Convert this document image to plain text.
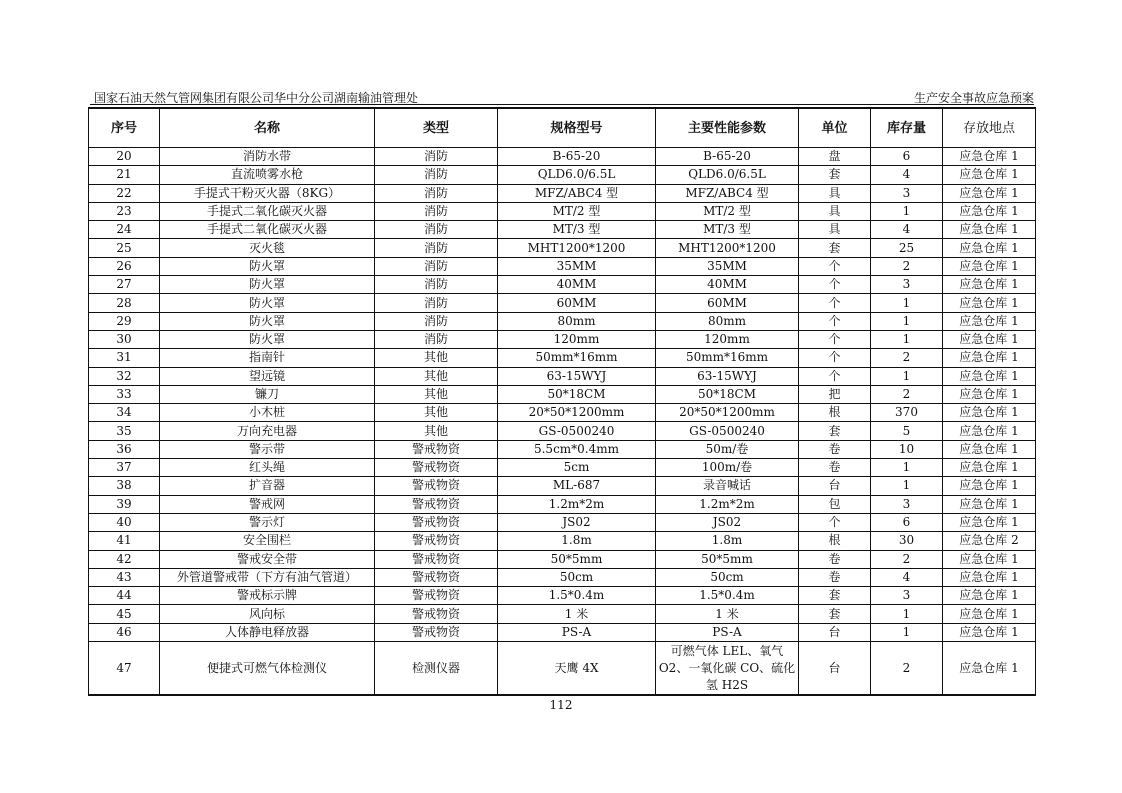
国家石油天然气管网集团有限公司华中分公司湖南输油管理处	生产安全事故应急预案
序号	名称	类型	规格型号	主要性能参数	单位	库存量	存放地点
20	消防水带	消防	B-65-20	B-65-20	盘	6	应急仓库 1
21	直流喷雾水枪	消防	QLD6.0/6.5L	QLD6.0/6.5L	套	4	应急仓库 1
22	手提式干粉灭火器（8KG）	消防	MFZ/ABC4 型	MFZ/ABC4 型	具	3	应急仓库 1
23	手提式二氧化碳灭火器	消防	MT/2 型	MT/2 型	具	1	应急仓库 1
24	手提式二氧化碳灭火器	消防	MT/3 型	MT/3 型	具	4	应急仓库 1
25	灭火毯	消防	MHT1200*1200	MHT1200*1200	套	25	应急仓库 1
26	防火罩	消防	35MM	35MM	个	2	应急仓库 1
27	防火罩	消防	40MM	40MM	个	3	应急仓库 1
28	防火罩	消防	60MM	60MM	个	1	应急仓库 1
29	防火罩	消防	80mm	80mm	个	1	应急仓库 1
30	防火罩	消防	120mm	120mm	个	1	应急仓库 1
31	指南针	其他	50mm*16mm	50mm*16mm	个	2	应急仓库 1
32	望远镜	其他	63-15WYJ	63-15WYJ	个	1	应急仓库 1
33	镰刀	其他	50*18CM	50*18CM	把	2	应急仓库 1
34	小木桩	其他	20*50*1200mm	20*50*1200mm	根	370	应急仓库 1
35	万向充电器	其他	GS-0500240	GS-0500240	套	5	应急仓库 1
36	警示带	警戒物资	5.5cm*0.4mm	50m/卷	卷	10	应急仓库 1
37	红头绳	警戒物资	5cm	100m/卷	卷	1	应急仓库 1
38	扩音器	警戒物资	ML-687	录音喊话	台	1	应急仓库 1
39	警戒网	警戒物资	1.2m*2m	1.2m*2m	包	3	应急仓库 1
40	警示灯	警戒物资	JS02	JS02	个	6	应急仓库 1
41	安全围栏	警戒物资	1.8m	1.8m	根	30	应急仓库 2
42	警戒安全带	警戒物资	50*5mm	50*5mm	卷	2	应急仓库 1
43	外管道警戒带（下方有油气管道）	警戒物资	50cm	50cm	卷	4	应急仓库 1
44	警戒标示牌	警戒物资	1.5*0.4m	1.5*0.4m	套	3	应急仓库 1
45	风向标	警戒物资	1 米	1 米	套	1	应急仓库 1
46	人体静电释放器	警戒物资	PS-A	PS-A	台	1	应急仓库 1
47	便捷式可燃气体检测仪	检测仪器	天鹰 4X	可燃气体 LEL、氧气 O2、一氧化碳 CO、硫化氢 H2S	台	2	应急仓库 1
112
